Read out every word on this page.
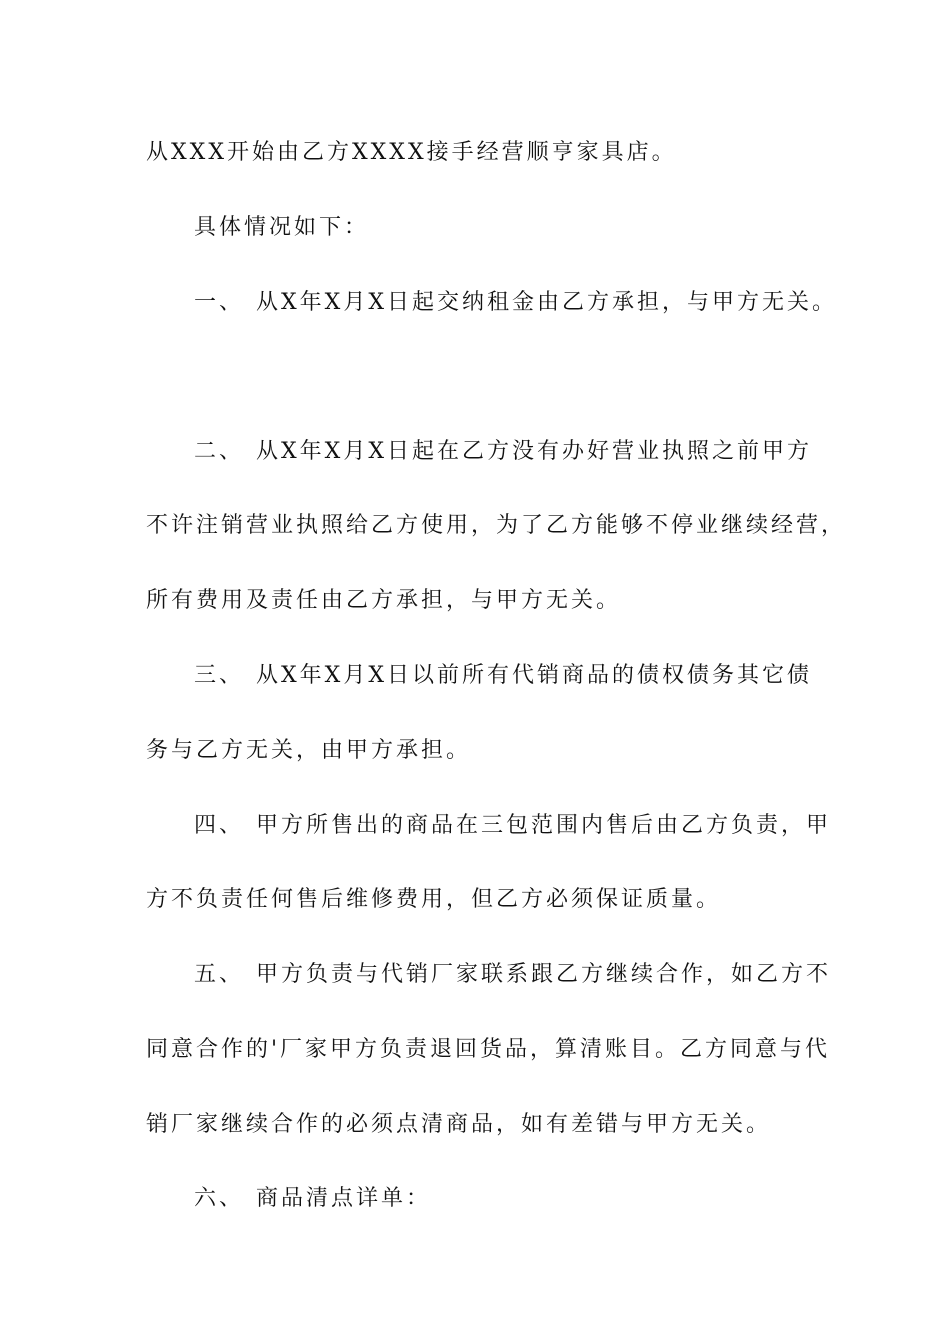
从XXX开始由乙方XXXX接手经营顺亨家具店。
具体情况如下：
一、 从X年X月X日起交纳租金由乙方承担，与甲方无关。
二、 从X年X月X日起在乙方没有办好营业执照之前甲方
不许注销营业执照给乙方使用，为了乙方能够不停业继续经营，
所有费用及责任由乙方承担，与甲方无关。
三、 从X年X月X日以前所有代销商品的债权债务其它债
务与乙方无关，由甲方承担。
四、 甲方所售出的商品在三包范围内售后由乙方负责，甲
方不负责任何售后维修费用，但乙方必须保证质量。
五、 甲方负责与代销厂家联系跟乙方继续合作，如乙方不
同意合作的'厂家甲方负责退回货品，算清账目。乙方同意与代
销厂家继续合作的必须点清商品，如有差错与甲方无关。
六、 商品清点详单：
